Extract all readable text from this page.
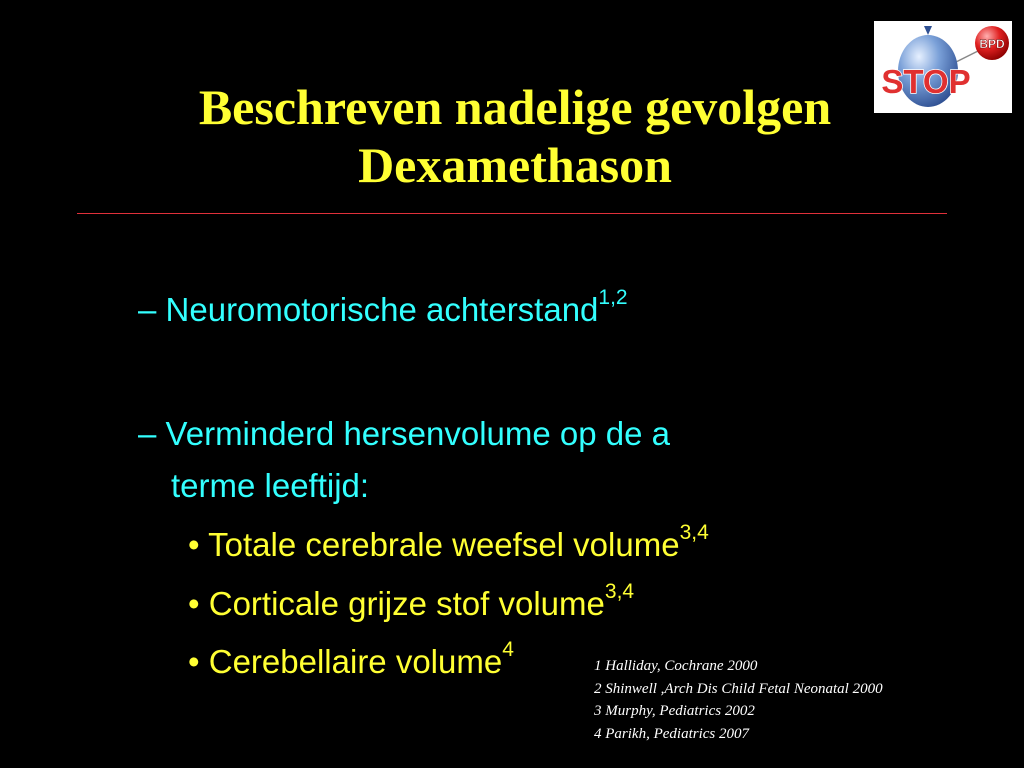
Beschreven nadelige gevolgen
Dexamethason
BPD
STOP
– Neuromotorische achterstand$^{1,2}$
– Verminderd hersenvolume op de a
terme leeftijd:
• Totale cerebrale weefsel volume$^{3,4}$
• Corticale grijze stof volume$^{3,4}$
• Cerebellaire volume$^4$
1 Halliday, Cochrane 2000
2 Shinwell ,Arch Dis Child Fetal Neonatal 2000
3 Murphy, Pediatrics 2002
4 Parikh, Pediatrics 2007
